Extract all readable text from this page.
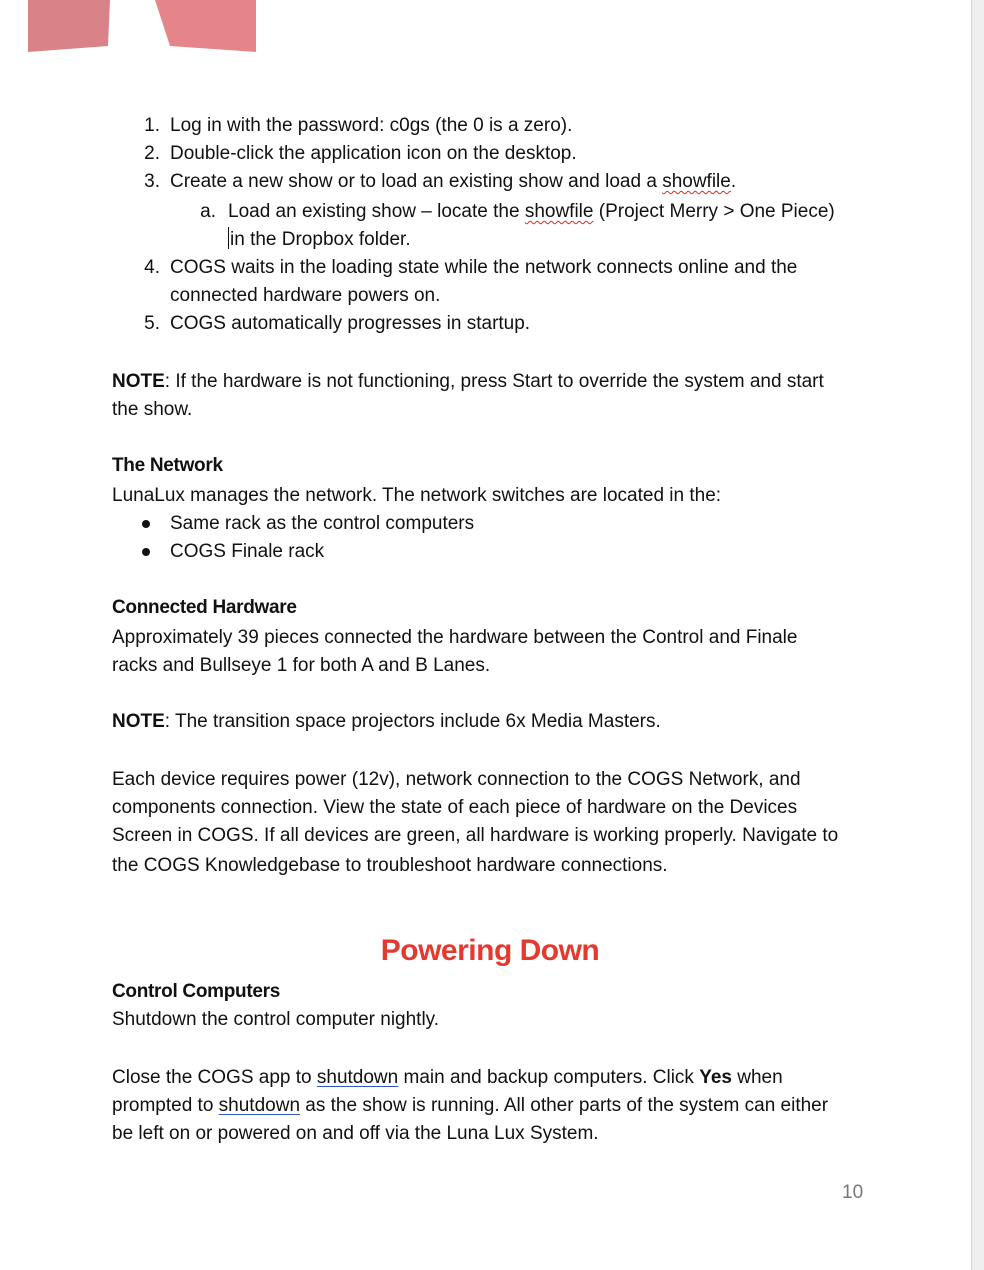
1. Log in with the password: c0gs (the 0 is a zero).
2. Double-click the application icon on the desktop.
3. Create a new show or to load an existing show and load a showfile.
a. Load an existing show – locate the showfile (Project Merry > One Piece)
in the Dropbox folder.
4. COGS waits in the loading state while the network connects online and the
connected hardware powers on.
5. COGS automatically progresses in startup.
NOTE: If the hardware is not functioning, press Start to override the system and start
the show.
The Network
LunaLux manages the network. The network switches are located in the:
Same rack as the control computers
COGS Finale rack
Connected Hardware
Approximately 39 pieces connected the hardware between the Control and Finale
racks and Bullseye 1 for both A and B Lanes.
NOTE: The transition space projectors include 6x Media Masters.
Each device requires power (12v), network connection to the COGS Network, and
components connection. View the state of each piece of hardware on the Devices
Screen in COGS. If all devices are green, all hardware is working properly. Navigate to
the COGS Knowledgebase to troubleshoot hardware connections.
Powering Down
Control Computers
Shutdown the control computer nightly.
Close the COGS app to shutdown main and backup computers. Click Yes when
prompted to shutdown as the show is running. All other parts of the system can either
be left on or powered on and off via the Luna Lux System.
10
